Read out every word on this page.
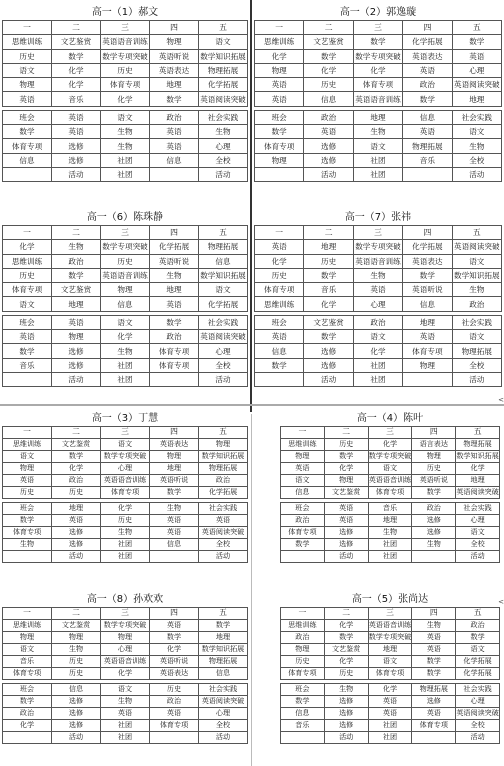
<
<
高一（1）郝文
一	二	三	四	五
思维训练	文艺鉴赏	英语语音训练	物理	语文
历史	数学	数学专项突破	英语听说	数学知识拓展
语文	化学	历史	英语表达	物理拓展
物理	化学	体育专项	地理	化学拓展
英语	音乐	化学	数学	英语阅读突破

班会	英语	语文	政治	社会实践
数学	英语	生物	英语	生物
体育专项	选修	生物	英语	心理
信息	选修	社团	信息	全校
	活动	社团		活动
高一（2）郭逸璇
一	二	三	四	五
思维训练	文艺鉴赏	数学	化学拓展	数学
化学	数学	数学专项突破	英语表达	英语
物理	化学	化学	英语	心理
英语	历史	体育专项	政治	英语阅读突破
英语	信息	英语语音训练	数学	地理

班会	政治	地理	信息	社会实践
数学	英语	生物	英语	语文
体育专项	选修	语文	物理拓展	生物
物理	选修	社团	音乐	全校
	活动	社团		活动
高一（6）陈珠静
一	二	三	四	五
化学	生物	数学专项突破	化学拓展	物理拓展
思维训练	政治	历史	英语听说	信息
历史	数学	英语语音训练	生物	数学知识拓展
体育专项	文艺鉴赏	物理	地理	语文
语文	地理	信息	英语	化学拓展

班会	英语	语文	数学	社会实践
英语	物理	化学	政治	英语阅读突破
数学	选修	生物	体育专项	心理
音乐	选修	社团	体育专项	全校
	活动	社团		活动
高一（7）张祎
一	二	三	四	五
英语	地理	数学专项突破	化学拓展	英语阅读突破
化学	历史	英语语音训练	英语表达	语文
历史	数学	生物	数学	数学知识拓展
体育专项	音乐	英语	英语听说	生物
思维训练	化学	心理	信息	政治

班会	文艺鉴赏	政治	地理	社会实践
英语	数学	语文	英语	语文
信息	选修	化学	体育专项	物理拓展
数学	选修	社团	物理	全校
	活动	社团		活动
高一（3）丁慧
一	二	三	四	五
思维训练	文艺鉴赏	语文	英语表达	物理
语文	数学	数学专项突破	物理	数学知识拓展
物理	化学	心理	地理	物理拓展
英语	政治	英语语音训练	英语听说	政治
历史	历史	体育专项	数学	化学拓展

班会	地理	化学	生物	社会实践
数学	英语	历史	英语	英语
体育专项	选修	生物	英语	英语阅读突破
生物	选修	社团	信息	全校
	活动	社团		活动
高一（4）陈叶
一	二	三	四	五
思维训练	历史	化学	语言表达	物理拓展
物理	数学	数学专项突破	物理	数学知识拓展
英语	化学	语文	历史	化学
语文	物理	英语语音训练	英语听说	地理
信息	文艺鉴赏	体育专项	数学	英语阅读突破

班会	英语	音乐	政治	社会实践
政治	英语	地理	选修	心理
体育专项	选修	生物	选修	语文
数学	选修	社团	生物	全校
	活动	社团		活动
高一（8）孙欢欢
一	二	三	四	五
思维训练	文艺鉴赏	数学专项突破	英语	数学
物理	物理	物理	数学	地理
语文	生物	心理	化学	数学知识拓展
音乐	历史	英语语音训练	英语听说	物理拓展
体育专项	历史	化学	英语表达	信息

班会	信息	语文	历史	社会实践
数学	选修	生物	政治	英语阅读突破
政治	选修	英语	英语	心理
化学	选修	社团	体育专项	全校
	活动	社团		活动
高一（5）张尚达
一	二	三	四	五
思维训练	化学	英语语音训练	生物	政治
政治	数学	数学专项突破	英语	数学
物理	文艺鉴赏	地理	英语	语文
历史	化学	语文	数学	化学拓展
体育专项	历史	体育专项	数学	化学拓展

班会	生物	化学	物理拓展	社会实践
数学	选修	英语	选修	心理
信息	选修	英语	英语	英语阅读突破
音乐	选修	社团	体育专项	全校
	活动	社团		活动
